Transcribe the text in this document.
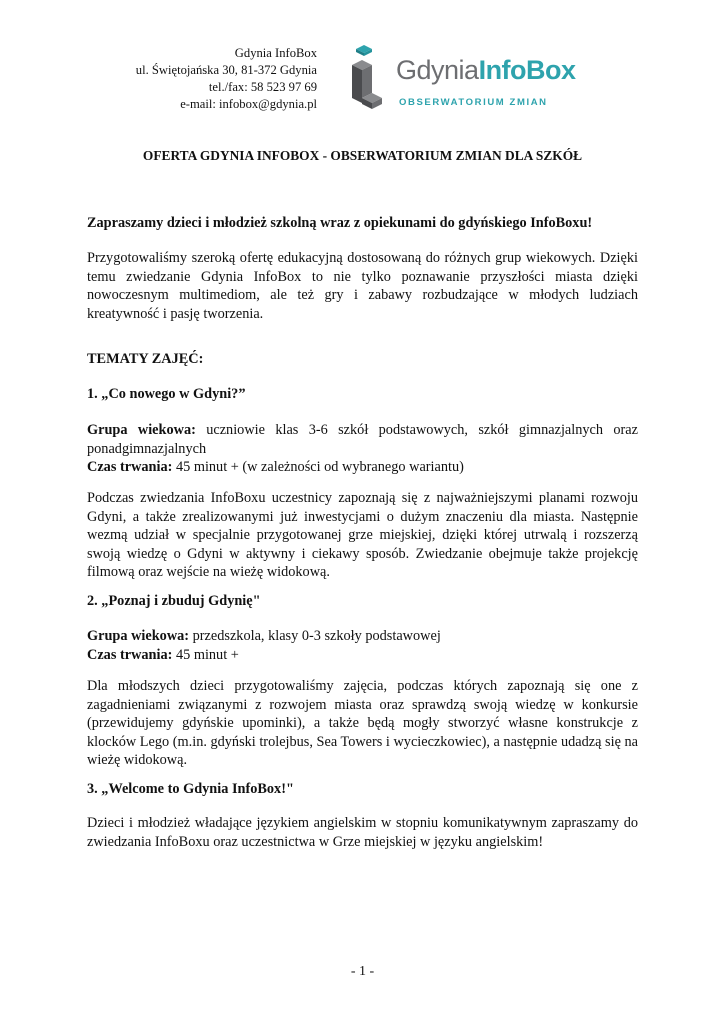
Gdynia InfoBox
ul. Świętojańska 30, 81-372 Gdynia
tel./fax: 58 523 97 69
e-mail: infobox@gdynia.pl
GdyniaInfoBox
OBSERWATORIUM ZMIAN
OFERTA GDYNIA INFOBOX - OBSERWATORIUM ZMIAN DLA SZKÓŁ

Zapraszamy dzieci i młodzież szkolną wraz z opiekunami do gdyńskiego InfoBoxu!

Przygotowaliśmy szeroką ofertę edukacyjną dostosowaną do różnych grup wiekowych. Dzięki temu zwiedzanie Gdynia InfoBox to nie tylko poznawanie przyszłości miasta dzięki nowoczesnym multimediom, ale też gry i zabawy rozbudzające w młodych ludziach kreatywność i pasję tworzenia.

TEMATY ZAJĘĆ:

1. „Co nowego w Gdyni?”

Grupa wiekowa: uczniowie klas 3-6 szkół podstawowych, szkół gimnazjalnych oraz ponadgimnazjalnych

Czas trwania: 45 minut + (w zależności od wybranego wariantu)

Podczas zwiedzania InfoBoxu uczestnicy zapoznają się z najważniejszymi planami rozwoju Gdyni, a także zrealizowanymi już inwestycjami o dużym znaczeniu dla miasta. Następnie wezmą udział w specjalnie przygotowanej grze miejskiej, dzięki której utrwalą i rozszerzą swoją wiedzę o Gdyni w aktywny i ciekawy sposób. Zwiedzanie obejmuje także projekcję filmową oraz wejście na wieżę widokową.

2. „Poznaj i zbuduj Gdynię"

Grupa wiekowa: przedszkola, klasy 0-3 szkoły podstawowej

Czas trwania: 45 minut +

Dla młodszych dzieci przygotowaliśmy zajęcia, podczas których zapoznają się one z zagadnieniami związanymi z rozwojem miasta oraz sprawdzą swoją wiedzę w konkursie (przewidujemy gdyńskie upominki), a także będą mogły stworzyć własne konstrukcje z klocków Lego (m.in. gdyński trolejbus, Sea Towers i wycieczkowiec), a następnie udadzą się na wieżę widokową.

3. „Welcome to Gdynia InfoBox!"

Dzieci i młodzież władające językiem angielskim w stopniu komunikatywnym zapraszamy do zwiedzania InfoBoxu oraz uczestnictwa w Grze miejskiej w języku angielskim!

- 1 -
